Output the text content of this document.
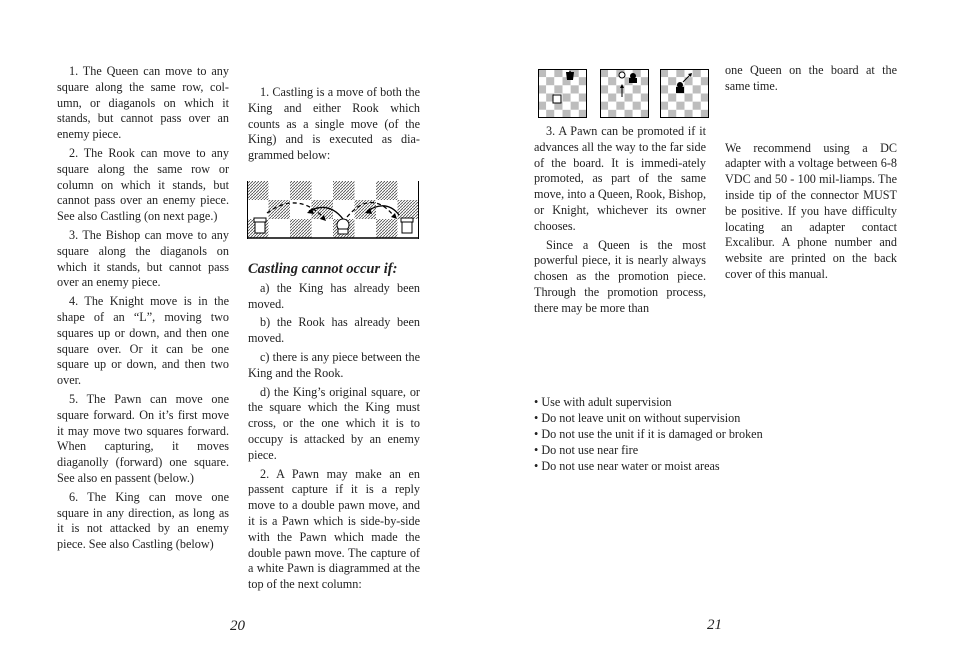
1. The Queen can move to any square along the same row, col-umn, or diaganols on which it stands, but cannot pass over an enemy piece.

2. The Rook can move to any square along the same row or column on which it stands, but cannot pass over an enemy piece. See also Castling (on next page.)

3. The Bishop can move to any square along the diaganols on which it stands, but cannot pass over an enemy piece.

4. The Knight move is in the shape of an “L”, moving two squares up or down, and then one square over. Or it can be one square up or down, and then two over.

5. The Pawn can move one square forward. On it’s first move it may move two squares forward. When capturing, it moves diaganolly (forward) one square. See also en passent (below.)

6. The King can move one square in any direction, as long as it is not attacked by an enemy piece. See also Castling (below)

1. Castling is a move of both the King and either Rook which counts as a single move (of the King) and is executed as dia-grammed below:

Castling cannot occur if:

a) the King has already been moved.

b) the Rook has already been moved.

c) there is any piece between the King and the Rook.

d) the King’s original square, or the square which the King must cross, or the one which it is to occupy is attacked by an enemy piece.

2. A Pawn may make an en passent capture if it is a reply move to a double pawn move, and it is a Pawn which is side-by-side with the Pawn which made the double pawn move. The capture of a white Pawn is diagrammed at the top of the next column:

3. A Pawn can be promoted if it advances all the way to the far side of the board. It is immedi-ately promoted, as part of the same move, into a Queen, Rook, Bishop, or Knight, whichever its owner chooses.

Since a Queen is the most powerful piece, it is nearly always chosen as the promotion piece. Through the promotion process, there may be more than

one Queen on the board at the same time.

We recommend using a DC adapter with a voltage between 6-8 VDC and 50 - 100 mil-liamps. The inside tip of the connector MUST be positive. If you have difficulty locating an adapter contact Excalibur. A phone number and website are printed on the back cover of this manual.

• Use with adult supervision
• Do not leave unit on without supervision
• Do not use the unit if it is damaged or broken
• Do not use near fire
• Do not use near water or moist areas
20	21
